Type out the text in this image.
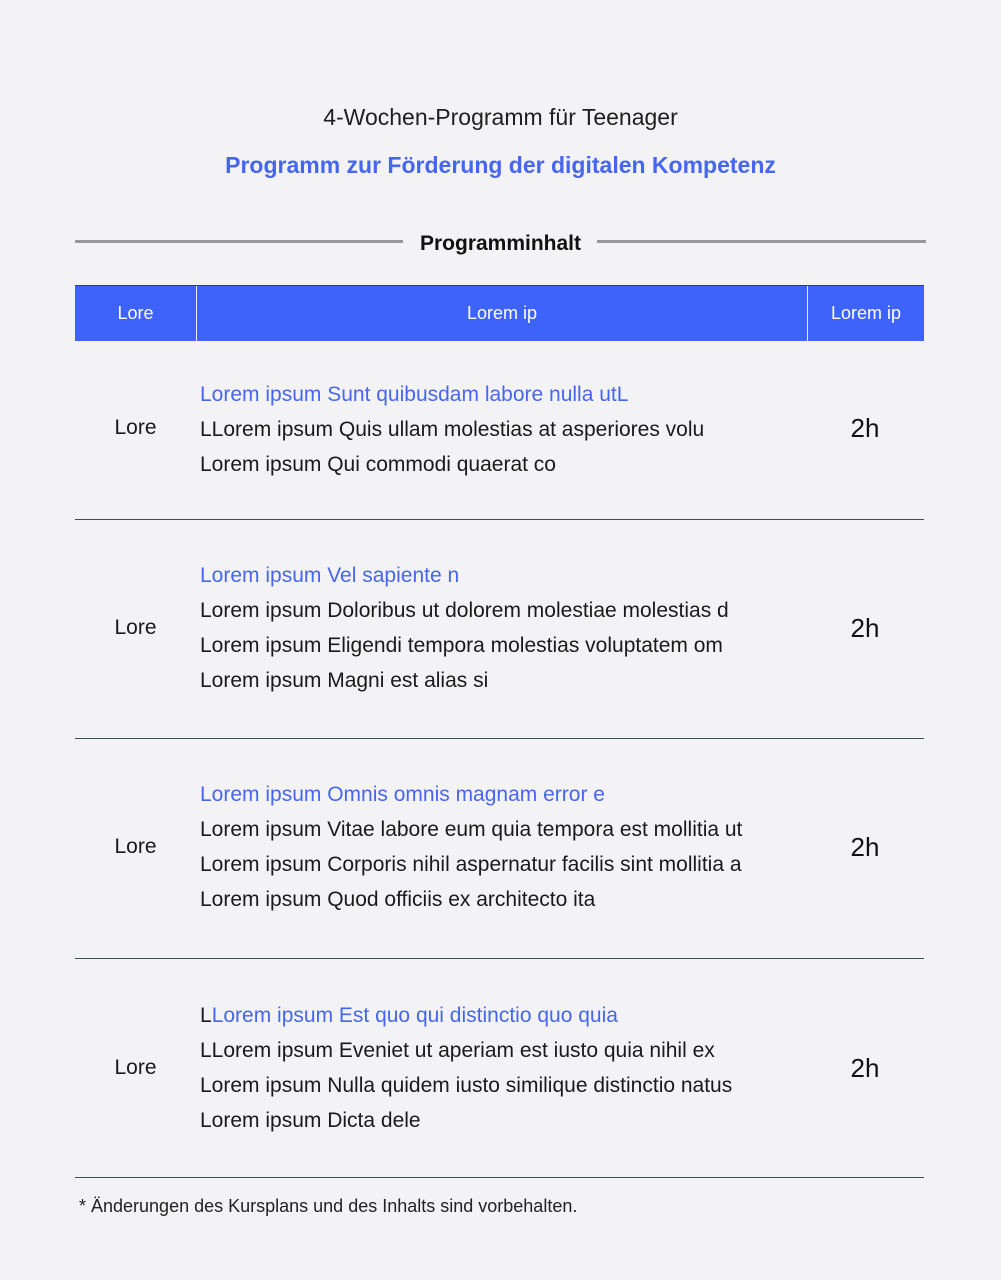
4-Wochen-Programm für Teenager
Programm zur Förderung der digitalen Kompetenz
Programminhalt
Lore	Lorem ip	Lorem ip
Lore
Lorem ipsum Sunt quibusdam labore nulla utL
LLorem ipsum Quis ullam molestias at asperiores volu
Lorem ipsum Qui commodi quaerat co
2h
Lore
Lorem ipsum Vel sapiente n
Lorem ipsum Doloribus ut dolorem molestiae molestias d
Lorem ipsum Eligendi tempora molestias voluptatem om
Lorem ipsum Magni est alias si
2h
Lore
Lorem ipsum Omnis omnis magnam error e
Lorem ipsum Vitae labore eum quia tempora est mollitia ut
Lorem ipsum Corporis nihil aspernatur facilis sint mollitia a
Lorem ipsum Quod officiis ex architecto ita
2h
Lore
LLorem ipsum Est quo qui distinctio quo quia
LLorem ipsum Eveniet ut aperiam est iusto quia nihil ex
Lorem ipsum Nulla quidem iusto similique distinctio natus
Lorem ipsum Dicta dele
2h
* Änderungen des Kursplans und des Inhalts sind vorbehalten.
